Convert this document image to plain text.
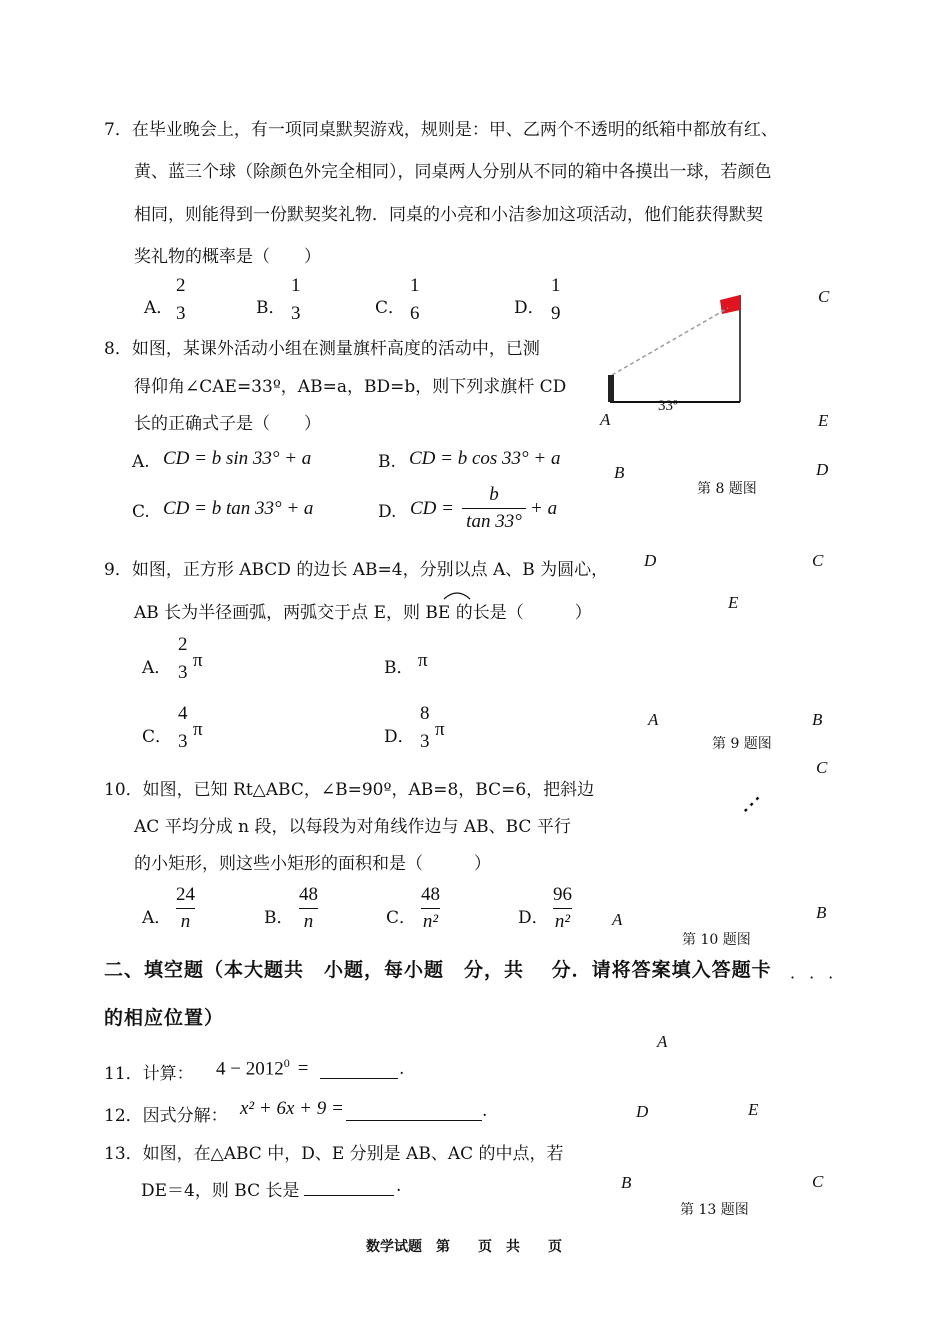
7．在毕业晚会上，有一项同桌默契游戏，规则是：甲、乙两个不透明的纸箱中都放有红、
黄、蓝三个球（除颜色外完全相同），同桌两人分别从不同的箱中各摸出一球，若颜色
相同，则能得到一份默契奖礼物．同桌的小亮和小洁参加这项活动，他们能获得默契
奖礼物的概率是（　　）
A．
2
3	B．
1
3	C．
1
6	D．
1
9
8．如图，某课外活动小组在测量旗杆高度的活动中，已测
得仰角∠CAE=33º，AB=a，BD=b，则下列求旗杆 CD
长的正确式子是（　　）
A. CD = b sin 33° + a	B. CD = b cos 33° + a
C. CD = b tan 33° + a	D. CD = $\frac{b}{\tan 33^\circ} + a$
C
A
33º
E
B	D
第 8 题图
9．如图，正方形 ABCD 的边长 AB=4，分别以点 A、B 为圆心，
AB 长为半径画弧，两弧交于点 E，则 BE 的长是（　　　）
A．
2
3
π	B． π
C．
4
3
π	D．
8
3
π
D	C
E
A	B
第 9 题图
10．如图，已知 Rt△ABC，∠B=90º，AB=8，BC=6，把斜边
AC 平均分成 n 段，以每段为对角线作边与 AB、BC 平行
的小矩形，则这些小矩形的面积和是（　　　）
A． $\frac{24}{n}$	B． $\frac{48}{n}$	C． $\frac{48}{\text{n²}}$	D． $\frac{96}{\text{n²}}$
C
⋮
A	B
第 10 题图
二、填空题（本大题共　小题，每小题　分，共　 分．请将答案填入答题卡
的相应位置）
···
11．计算： $4 - 2012^0$ =	.
12．因式分解： x² + 6x + 9 =	.
13．如图，在△ABC 中，D、E 分别是 AB、AC 的中点，若
DE＝4，则 BC 长是	.
A
D	E
B	C
第 13 题图
数学试题　第　　页　共　　页
